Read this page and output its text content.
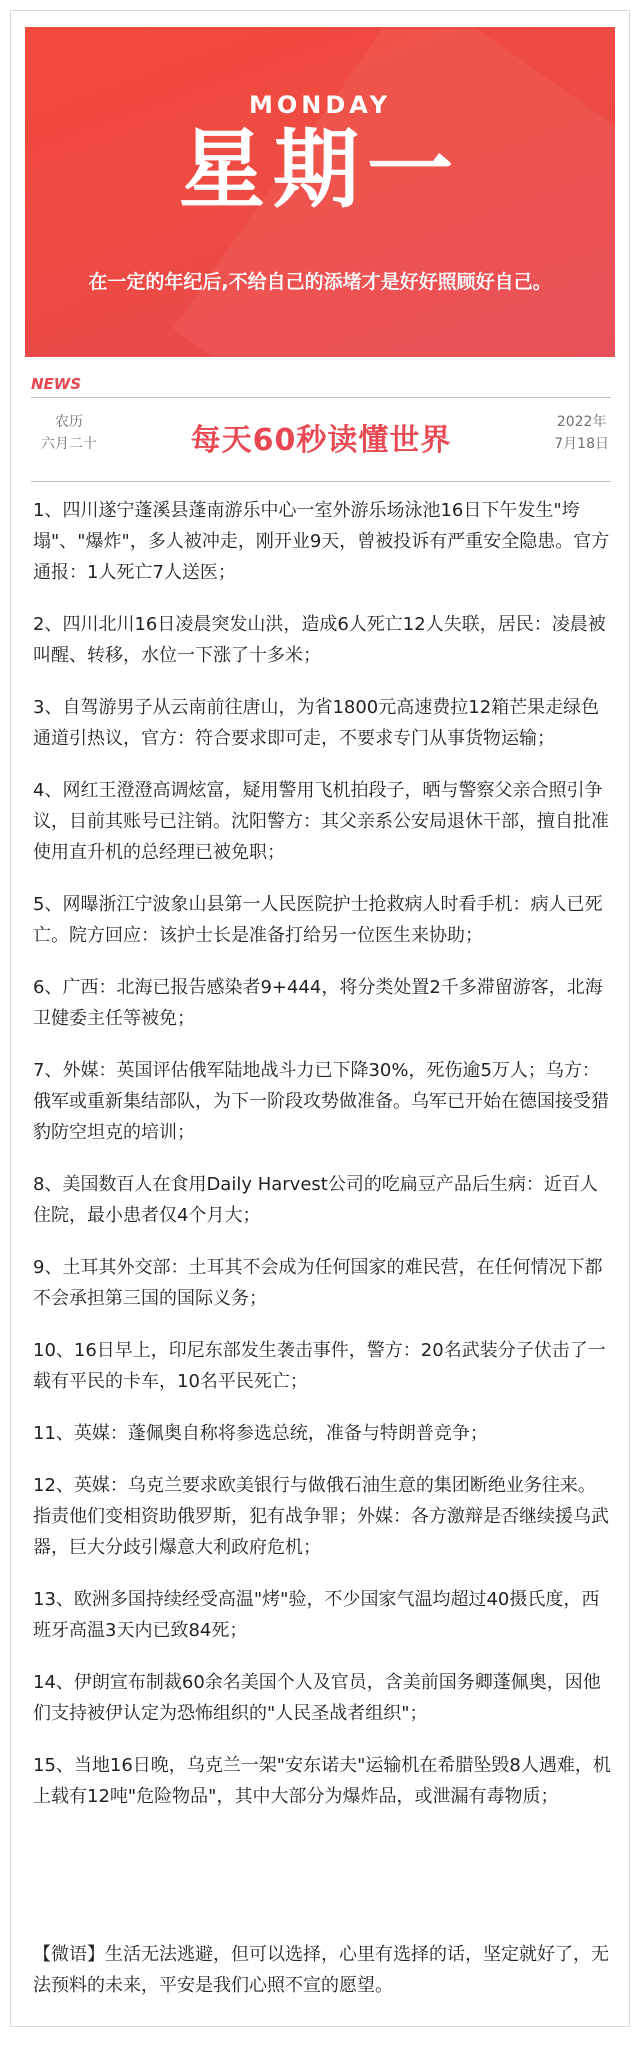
MONDAY
星期一
在一定的年纪后,不给自己的添堵才是好好照顾好自己。
NEWS
农历
六月二十	每天60秒读懂世界
2022年
7月18日

1、四川遂宁蓬溪县蓬南游乐中心一室外游乐场泳池16日下午发生"垮塌"、"爆炸"，多人被冲走，刚开业9天，曾被投诉有严重安全隐患。官方通报：1人死亡7人送医；

2、四川北川16日凌晨突发山洪，造成6人死亡12人失联，居民：凌晨被叫醒、转移，水位一下涨了十多米；

3、自驾游男子从云南前往唐山，为省1800元高速费拉12箱芒果走绿色通道引热议，官方：符合要求即可走，不要求专门从事货物运输；

4、网红王澄澄高调炫富，疑用警用飞机拍段子，晒与警察父亲合照引争议，目前其账号已注销。沈阳警方：其父亲系公安局退休干部，擅自批准使用直升机的总经理已被免职；

5、网曝浙江宁波象山县第一人民医院护士抢救病人时看手机：病人已死亡。院方回应：该护士长是准备打给另一位医生来协助；

6、广西：北海已报告感染者9+444，将分类处置2千多滞留游客，北海卫健委主任等被免；

7、外媒：英国评估俄军陆地战斗力已下降30%，死伤逾5万人；乌方：俄军或重新集结部队，为下一阶段攻势做准备。乌军已开始在德国接受猎豹防空坦克的培训；

8、美国数百人在食用Daily Harvest公司的吃扁豆产品后生病：近百人住院，最小患者仅4个月大；

9、土耳其外交部：土耳其不会成为任何国家的难民营，在任何情况下都不会承担第三国的国际义务；

10、16日早上，印尼东部发生袭击事件，警方：20名武装分子伏击了一载有平民的卡车，10名平民死亡；

11、英媒：蓬佩奥自称将参选总统，准备与特朗普竞争；

12、英媒：乌克兰要求欧美银行与做俄石油生意的集团断绝业务往来。指责他们变相资助俄罗斯，犯有战争罪；外媒：各方激辩是否继续援乌武器，巨大分歧引爆意大利政府危机；

13、欧洲多国持续经受高温"烤"验，不少国家气温均超过40摄氏度，西班牙高温3天内已致84死；

14、伊朗宣布制裁60余名美国个人及官员，含美前国务卿蓬佩奥，因他们支持被伊认定为恐怖组织的"人民圣战者组织"；

15、当地16日晚，乌克兰一架"安东诺夫"运输机在希腊坠毁8人遇难，机上载有12吨"危险物品"，其中大部分为爆炸品，或泄漏有毒物质；

【微语】生活无法逃避，但可以选择，心里有选择的话，坚定就好了，无法预料的未来，平安是我们心照不宣的愿望。
